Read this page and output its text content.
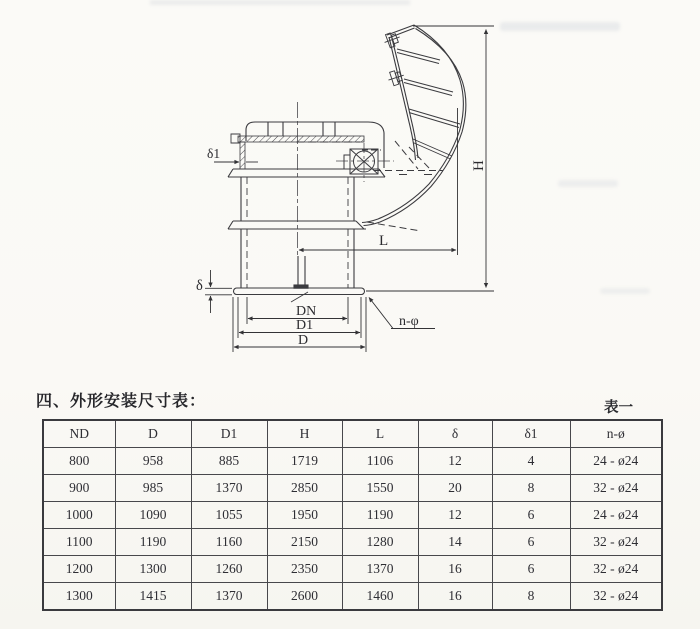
H
L
δ
δ1
DN
D1
D
n-φ
四、外形安装尺寸表：	表一
ND	D	D1	H	L	δ	δ1	n-ø
800	958	885	1719	1106	12	4	24 - ø24
900	985	1370	2850	1550	20	8	32 - ø24
1000	1090	1055	1950	1190	12	6	24 - ø24
1100	1190	1160	2150	1280	14	6	32 - ø24
1200	1300	1260	2350	1370	16	6	32 - ø24
1300	1415	1370	2600	1460	16	8	32 - ø24
